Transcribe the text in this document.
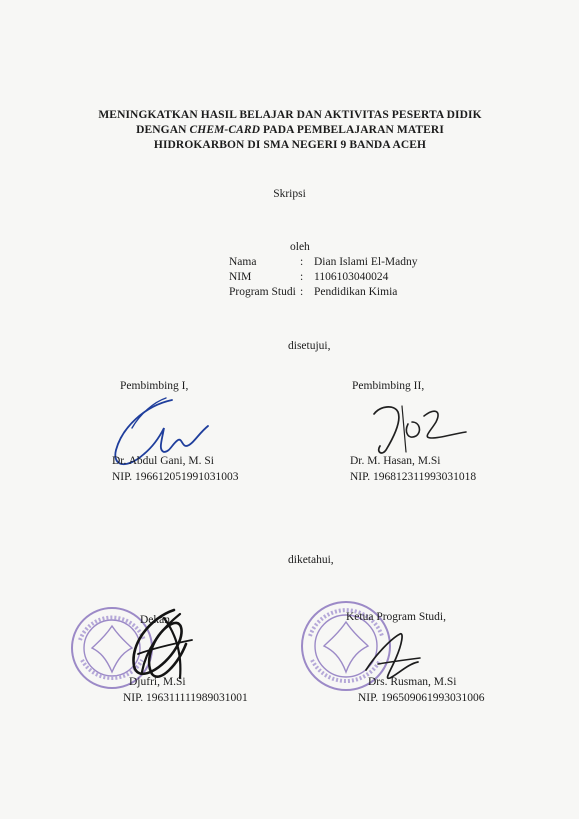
MENINGKATKAN HASIL BELAJAR DAN AKTIVITAS PESERTA DIDIK
DENGAN CHEM-CARD PADA PEMBELAJARAN MATERI
HIDROKARBON DI SMA NEGERI 9 BANDA ACEH
Skripsi
oleh
Nama	: Dian Islami El-Madny
NIM	: 1106103040024
Program Studi : Pendidikan Kimia
disetujui,
Pembimbing I,	Pembimbing II,
Dr. Abdul Gani, M. Si
NIP. 196612051991031003
Dr. M. Hasan, M.Si
NIP. 196812311993031018
diketahui,
Dekan,	Ketua Program Studi,
Djufri, M.Si
NIP. 196311111989031001
Drs. Rusman, M.Si
NIP. 196509061993031006
